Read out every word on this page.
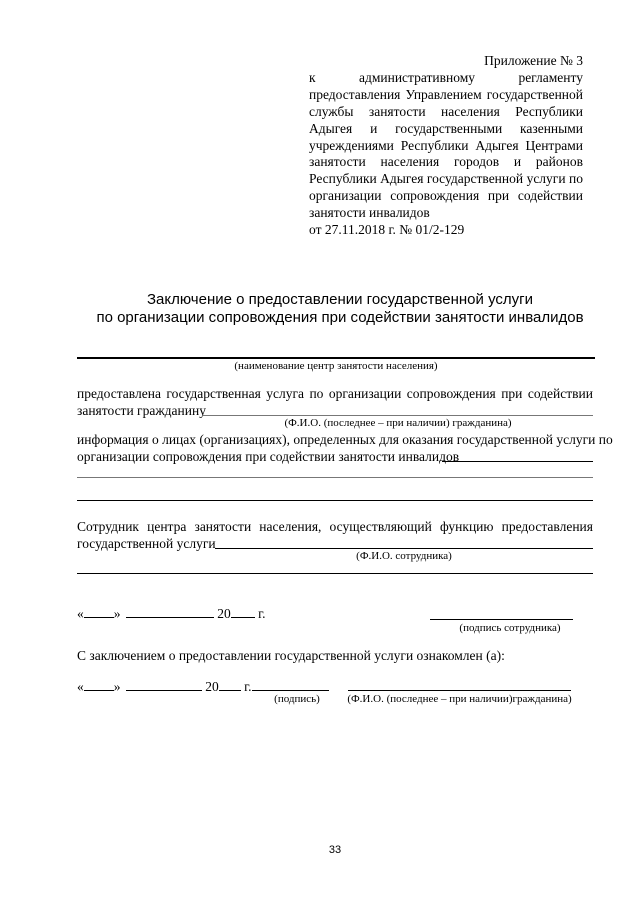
Приложение № 3
к административному регламенту
предоставления Управлением государственной
службы занятости населения Республики
Адыгея и государственными казенными
учреждениями Республики Адыгея Центрами
занятости населения городов и районов
Республики Адыгея государственной услуги по
организации сопровождения при содействии
занятости инвалидов
от 27.11.2018 г. № 01/2-129
Заключение о предоставлении государственной услуги
по организации сопровождения при содействии занятости инвалидов
(наименование центр занятости населения)
предоставлена государственная услуга по организации сопровождения при содействии
занятости гражданину
(Ф.И.О. (последнее – при наличии) гражданина)
информация о лицах (организациях), определенных для оказания государственной услуги по
организации сопровождения при содействии занятости инвалидов
Сотрудник центра занятости населения, осуществляющий функцию предоставления
государственной услуги
(Ф.И.О. сотрудника)
« »	20 г.
(подпись сотрудника)
С заключением о предоставлении государственной услуги ознакомлен (а):
« »	20 г.
(подпись)	(Ф.И.О. (последнее – при наличии)гражданина)
33
